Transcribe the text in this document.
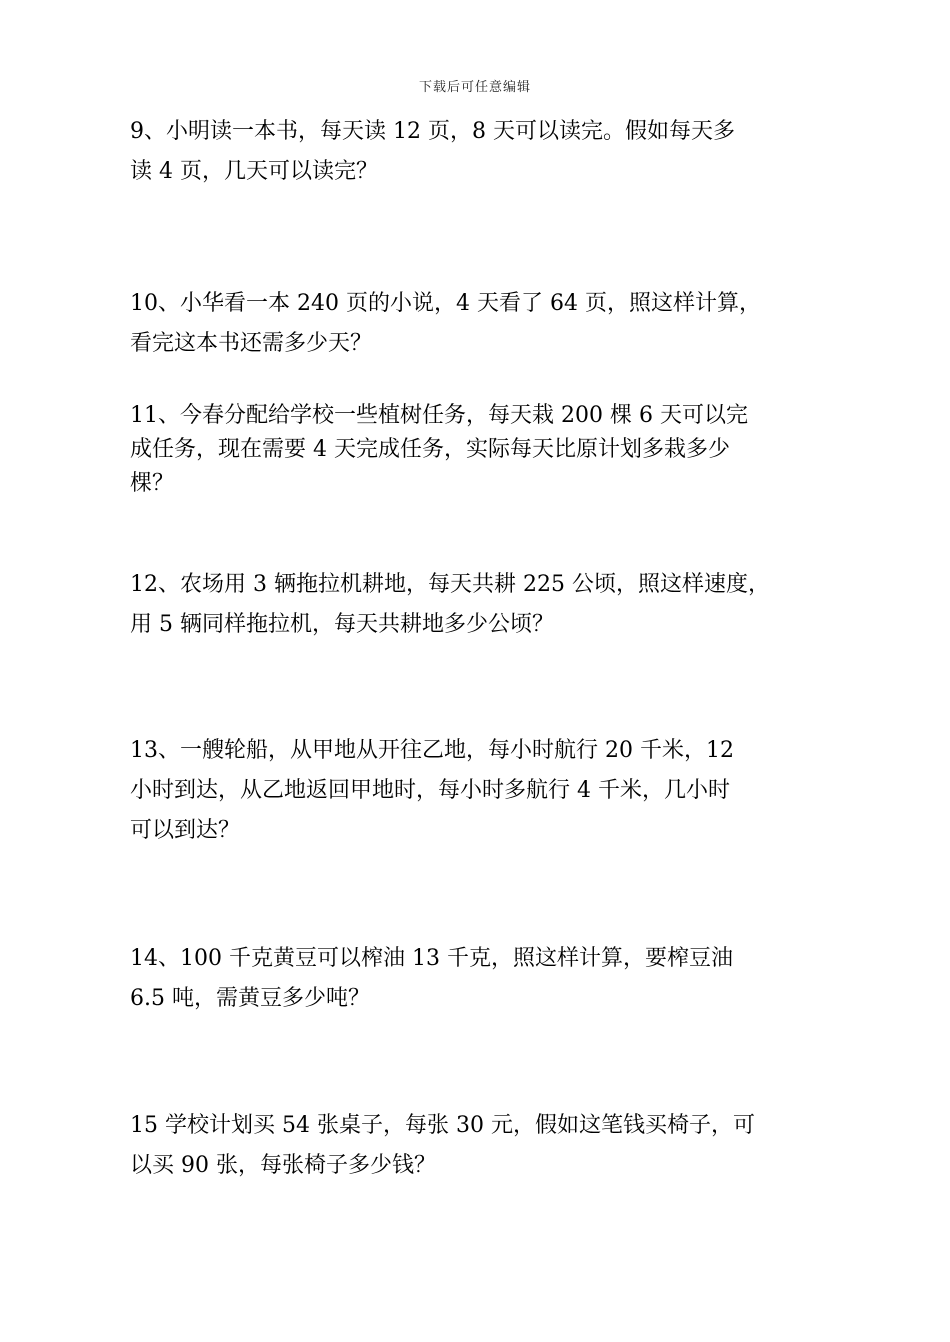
下载后可任意编辑
9、小明读一本书，每天读 12 页，8 天可以读完。假如每天多
读 4 页，几天可以读完？
10、小华看一本 240 页的小说，4 天看了 64 页，照这样计算，
看完这本书还需多少天？
11、今春分配给学校一些植树任务，每天栽 200 棵 6 天可以完
成任务，现在需要 4 天完成任务，实际每天比原计划多栽多少
棵？
12、农场用 3 辆拖拉机耕地，每天共耕 225 公顷，照这样速度，
用 5 辆同样拖拉机，每天共耕地多少公顷？
13、一艘轮船，从甲地从开往乙地，每小时航行 20 千米，12
小时到达，从乙地返回甲地时，每小时多航行 4 千米，几小时
可以到达？
14、100 千克黄豆可以榨油 13 千克，照这样计算，要榨豆油
6.5 吨，需黄豆多少吨？
15 学校计划买 54 张桌子，每张 30 元，假如这笔钱买椅子，可
以买 90 张，每张椅子多少钱？
